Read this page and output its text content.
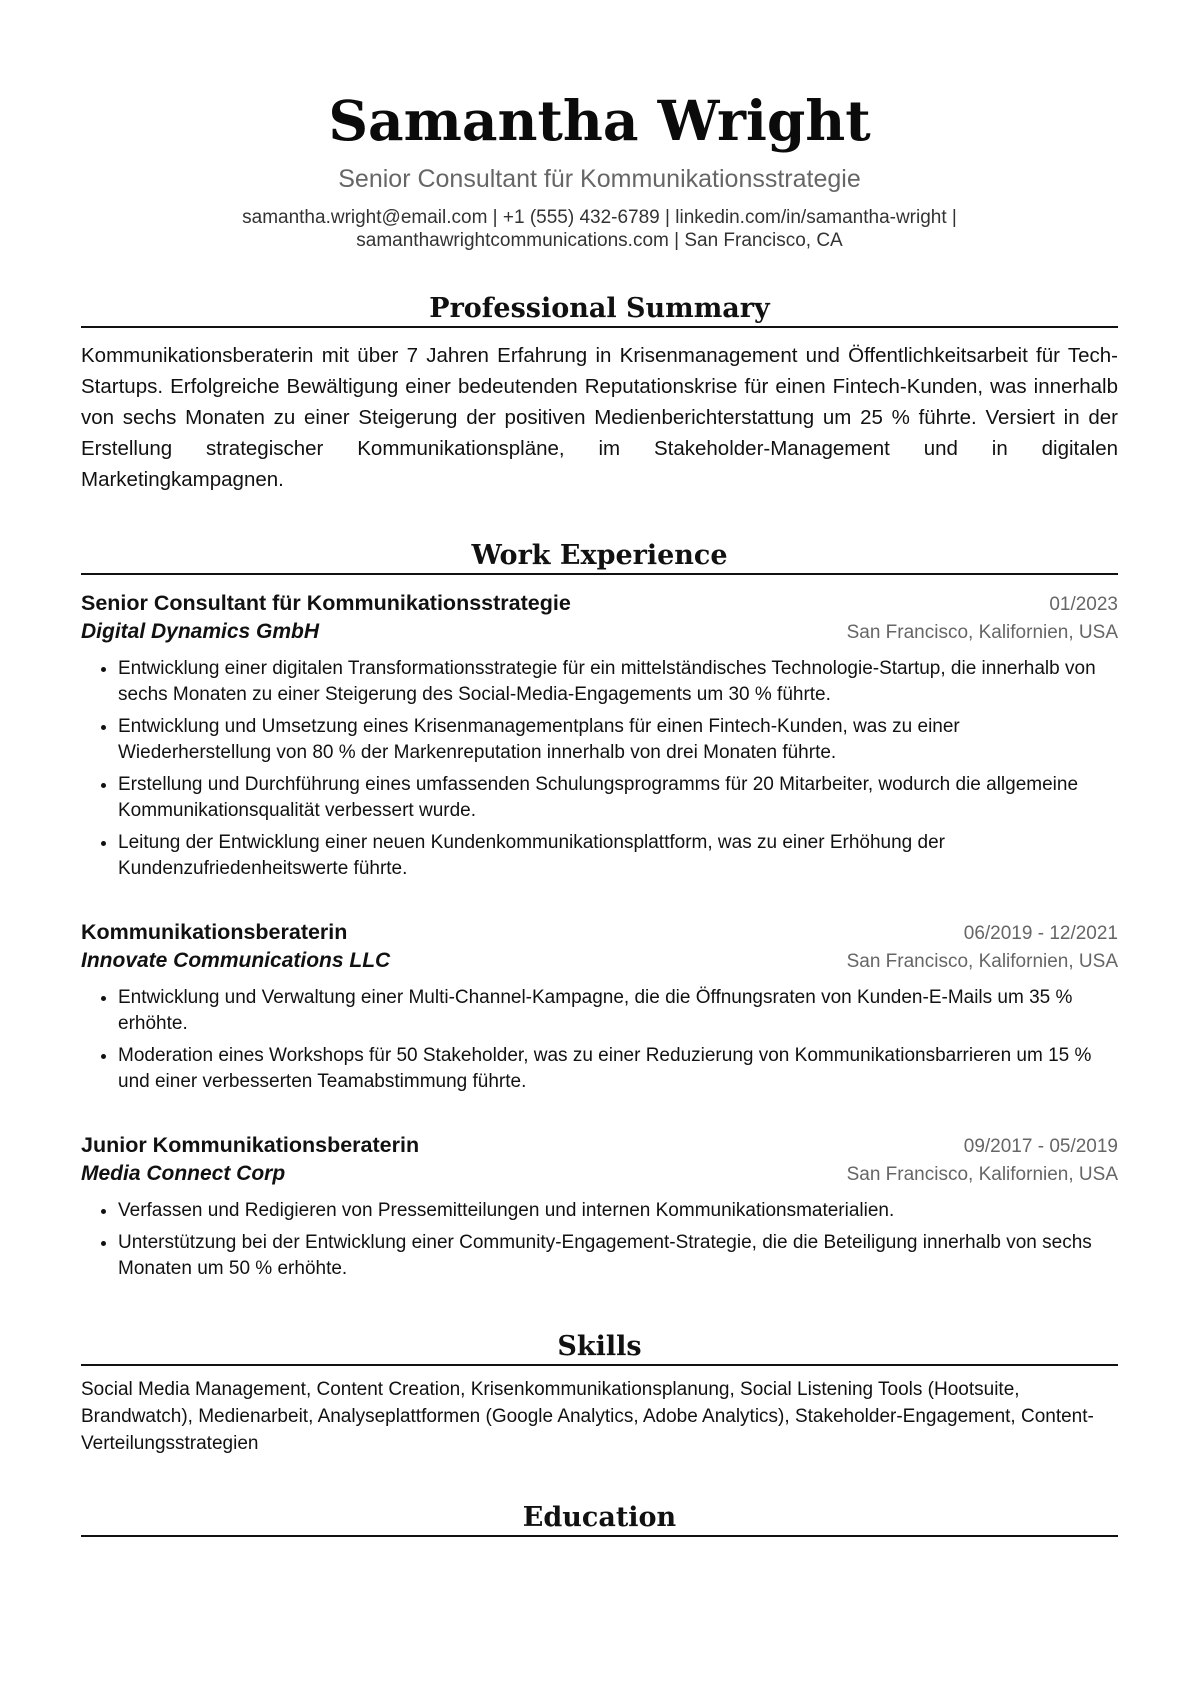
Samantha Wright
Senior Consultant für Kommunikationsstrategie
samantha.wright@email.com | +1 (555) 432-6789 | linkedin.com/in/samantha-wright |
samanthawrightcommunications.com | San Francisco, CA
Professional Summary
Kommunikationsberaterin mit über 7 Jahren Erfahrung in Krisenmanagement und Öffentlichkeitsarbeit für Tech-Startups. Erfolgreiche Bewältigung einer bedeutenden Reputationskrise für einen Fintech-Kunden, was innerhalb von sechs Monaten zu einer Steigerung der positiven Medienberichterstattung um 25 % führte. Versiert in der Erstellung strategischer Kommunikationspläne, im Stakeholder-Management und in digitalen Marketingkampagnen.
Work Experience
Senior Consultant für Kommunikationsstrategie	01/2023
Digital Dynamics GmbH	San Francisco, Kalifornien, USA
• Entwicklung einer digitalen Transformationsstrategie für ein mittelständisches Technologie-Startup, die innerhalb von sechs Monaten zu einer Steigerung des Social-Media-Engagements um 30 % führte.
• Entwicklung und Umsetzung eines Krisenmanagementplans für einen Fintech-Kunden, was zu einer Wiederherstellung von 80 % der Markenreputation innerhalb von drei Monaten führte.
• Erstellung und Durchführung eines umfassenden Schulungsprogramms für 20 Mitarbeiter, wodurch die allgemeine Kommunikationsqualität verbessert wurde.
• Leitung der Entwicklung einer neuen Kundenkommunikationsplattform, was zu einer Erhöhung der Kundenzufriedenheitswerte führte.
Kommunikationsberaterin	06/2019 - 12/2021
Innovate Communications LLC	San Francisco, Kalifornien, USA
• Entwicklung und Verwaltung einer Multi-Channel-Kampagne, die die Öffnungsraten von Kunden-E-Mails um 35 % erhöhte.
• Moderation eines Workshops für 50 Stakeholder, was zu einer Reduzierung von Kommunikationsbarrieren um 15 % und einer verbesserten Teamabstimmung führte.
Junior Kommunikationsberaterin	09/2017 - 05/2019
Media Connect Corp	San Francisco, Kalifornien, USA
• Verfassen und Redigieren von Pressemitteilungen und internen Kommunikationsmaterialien.
• Unterstützung bei der Entwicklung einer Community-Engagement-Strategie, die die Beteiligung innerhalb von sechs Monaten um 50 % erhöhte.
Skills
Social Media Management, Content Creation, Krisenkommunikationsplanung, Social Listening Tools (Hootsuite, Brandwatch), Medienarbeit, Analyseplattformen (Google Analytics, Adobe Analytics), Stakeholder-Engagement, Content-Verteilungsstrategien
Education
